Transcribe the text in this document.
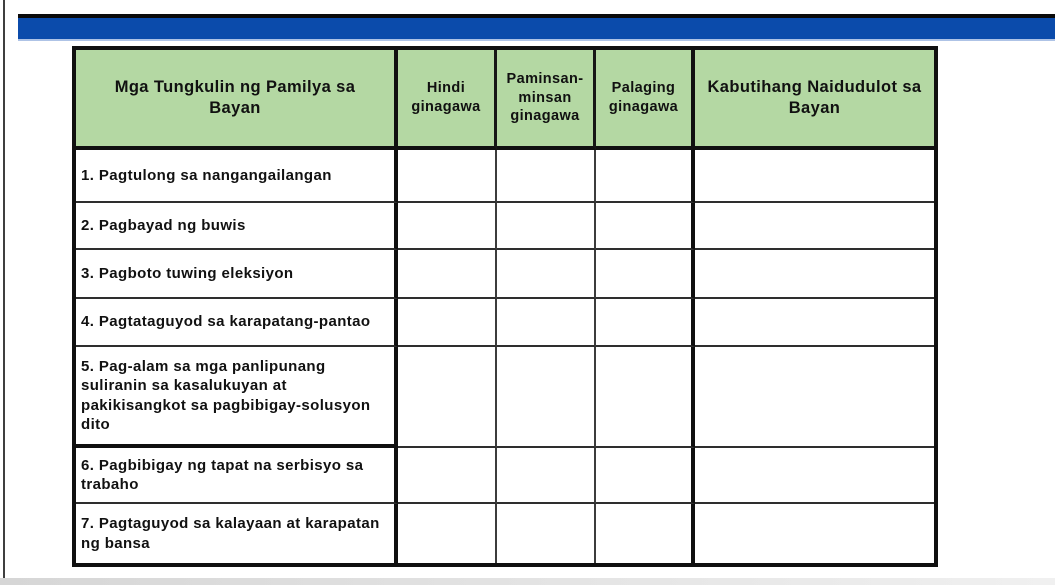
Mga Tungkulin ng Pamilya sa Bayan
Hindi ginagawa
Paminsan-minsan ginagawa
Palaging ginagawa
Kabutihang Naidudulot sa Bayan
1. Pagtulong sa nangangailangan
2. Pagbayad ng buwis
3. Pagboto tuwing eleksiyon
4. Pagtataguyod sa karapatang-pantao
5. Pag-alam sa mga panlipunang suliranin sa kasalukuyan at pakikisangkot sa pagbibigay-solusyon dito
6. Pagbibigay ng tapat na serbisyo sa trabaho
7. Pagtaguyod sa kalayaan at karapatan ng bansa
